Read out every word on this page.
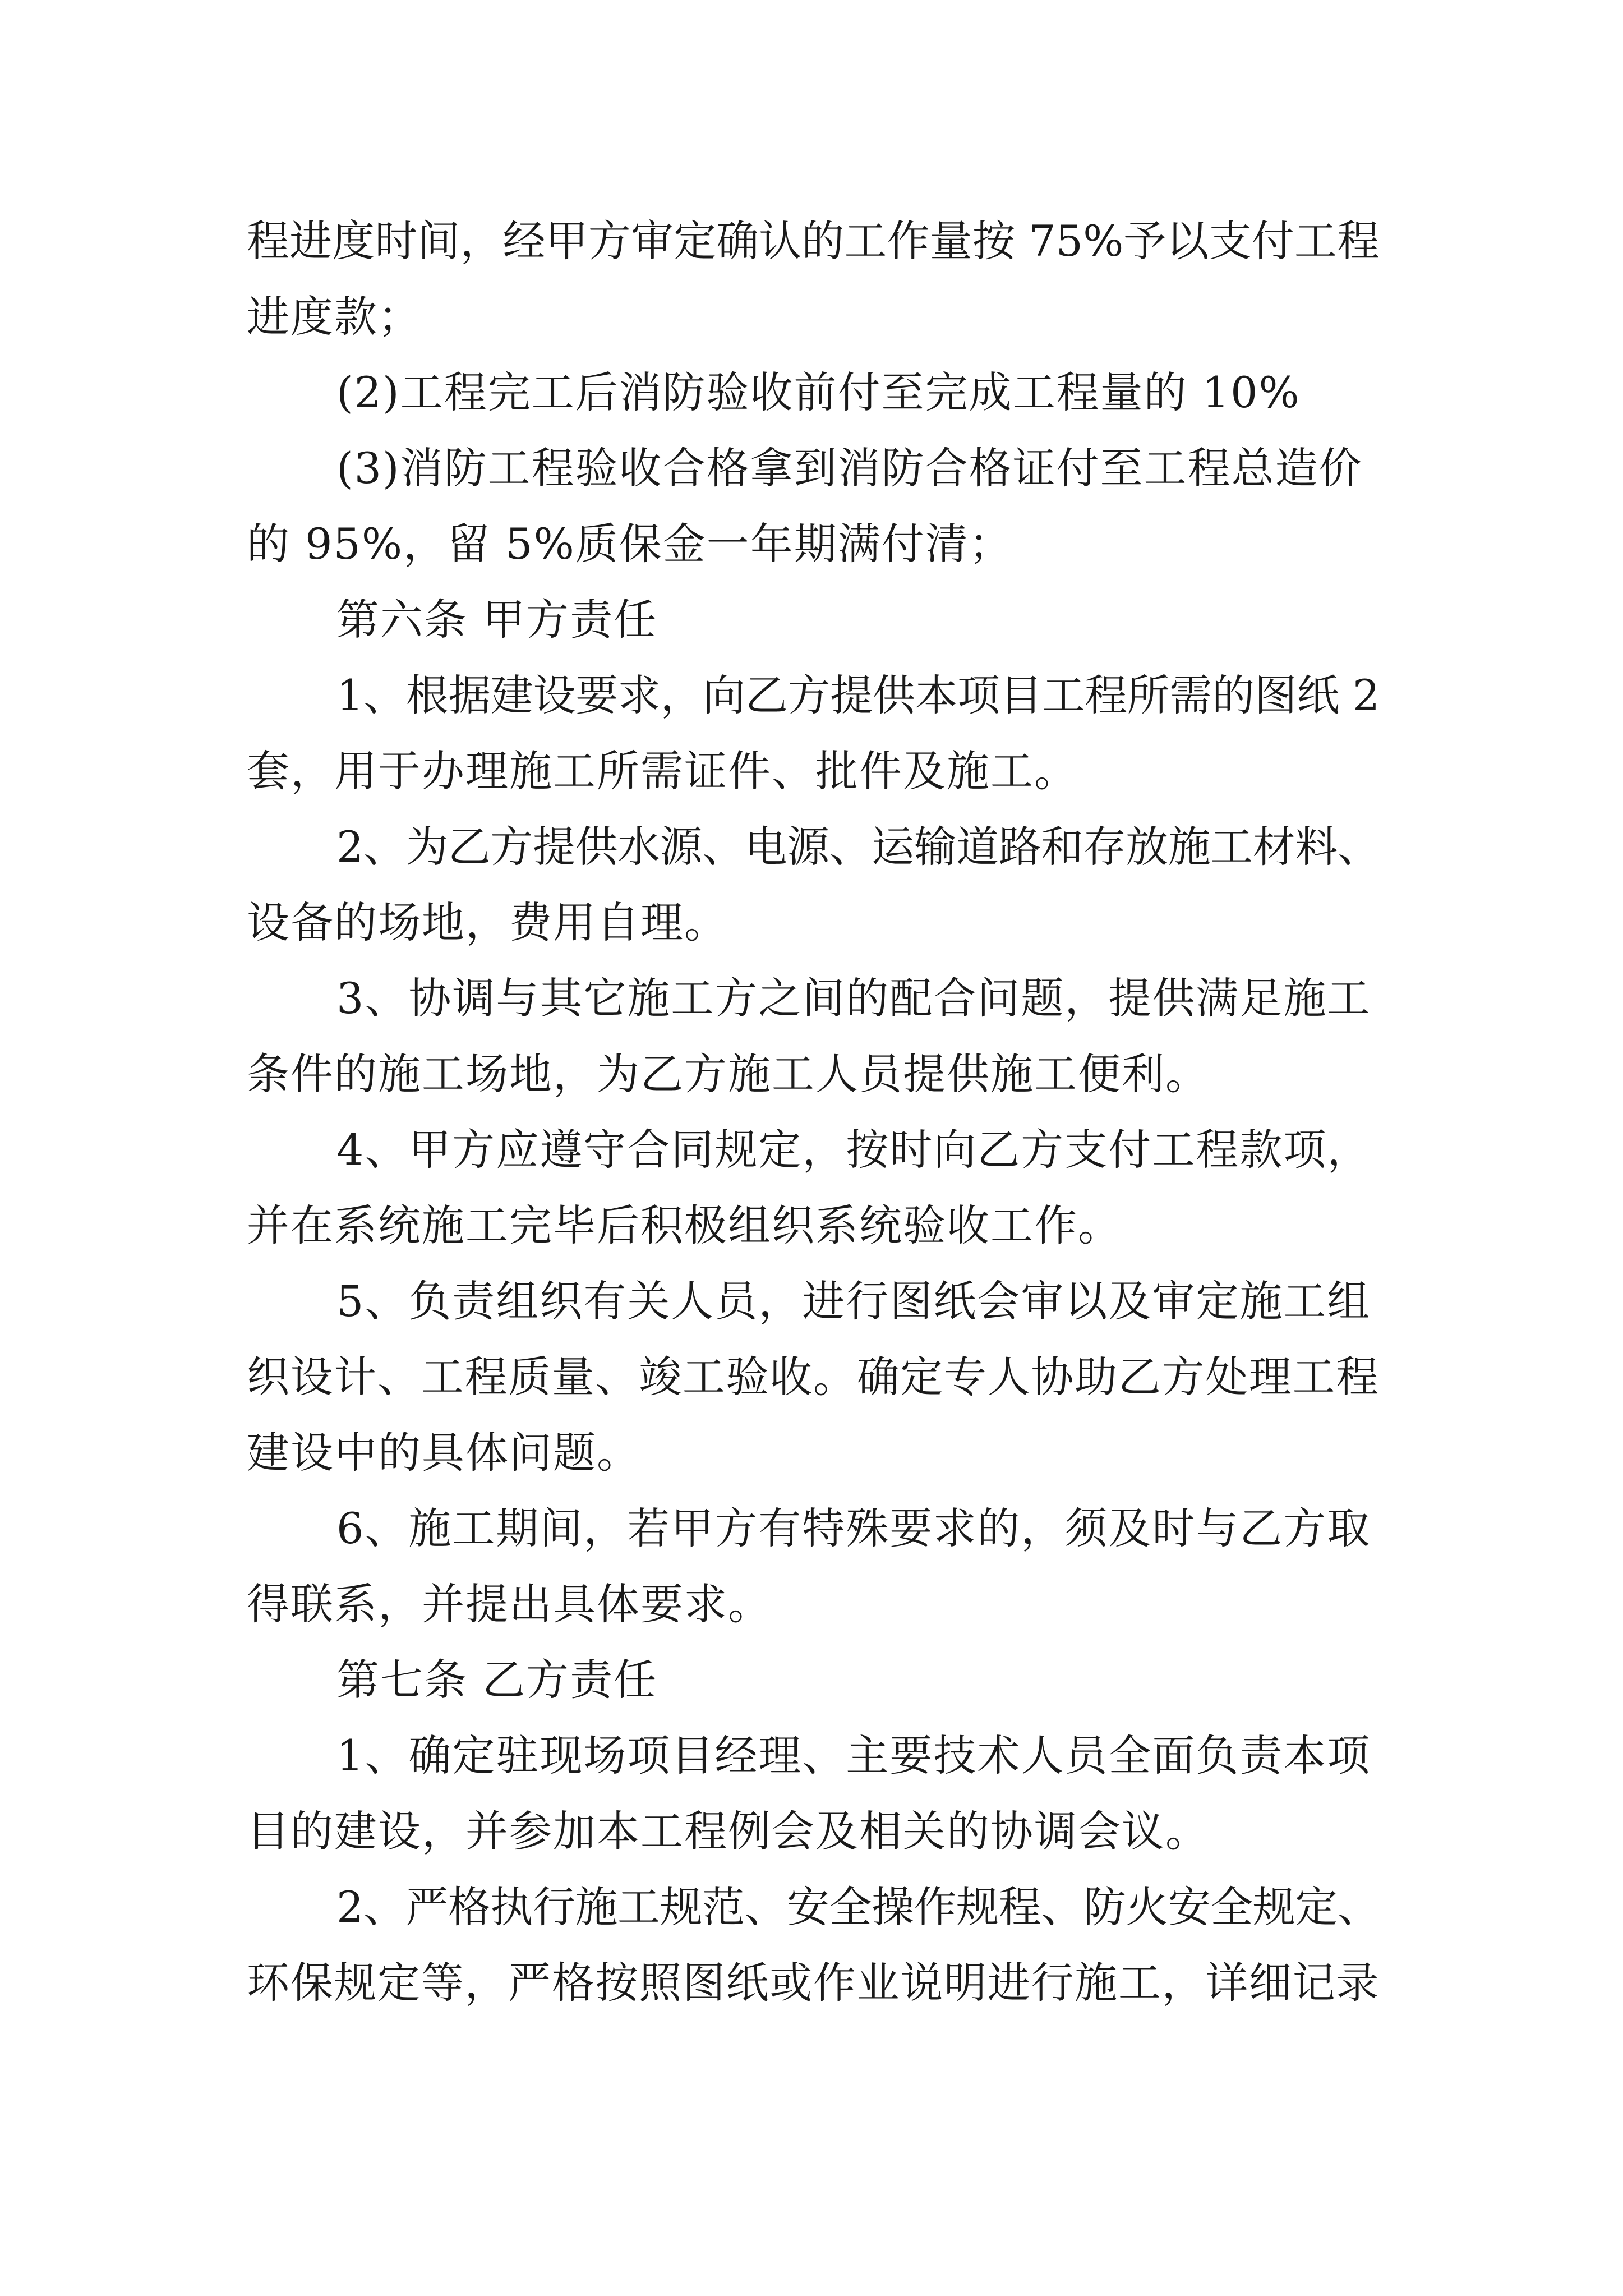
程进度时间，经甲方审定确认的工作量按 75%予以支付工程

进度款；

(2)工程完工后消防验收前付至完成工程量的 10%

(3)消防工程验收合格拿到消防合格证付至工程总造价

的 95%，留 5%质保金一年期满付清；

第六条 甲方责任

1、根据建设要求，向乙方提供本项目工程所需的图纸 2

套，用于办理施工所需证件、批件及施工。

2、为乙方提供水源、电源、运输道路和存放施工材料、

设备的场地，费用自理。

3、协调与其它施工方之间的配合问题，提供满足施工

条件的施工场地，为乙方施工人员提供施工便利。

4、甲方应遵守合同规定，按时向乙方支付工程款项，

并在系统施工完毕后积极组织系统验收工作。

5、负责组织有关人员，进行图纸会审以及审定施工组

织设计、工程质量、竣工验收。确定专人协助乙方处理工程

建设中的具体问题。

6、施工期间，若甲方有特殊要求的，须及时与乙方取

得联系，并提出具体要求。

第七条 乙方责任

1、确定驻现场项目经理、主要技术人员全面负责本项

目的建设，并参加本工程例会及相关的协调会议。

2、严格执行施工规范、安全操作规程、防火安全规定、

环保规定等，严格按照图纸或作业说明进行施工，详细记录
